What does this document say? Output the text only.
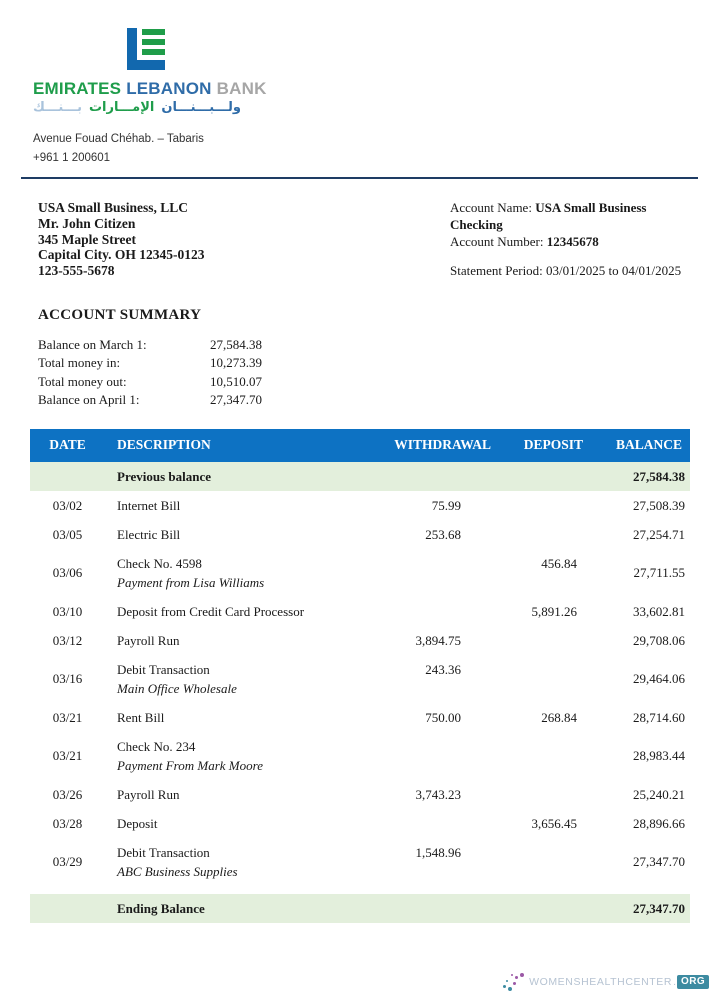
EMIRATES LEBANON BANK
بـــنـــك الإمـــارات ولـــبـــنـــان
Avenue Fouad Chéhab. – Tabaris
+961 1 200601
USA Small Business, LLC
Mr. John Citizen
345 Maple Street
Capital City. OH 12345-0123
123-555-5678
Account Name: USA Small Business Checking
Account Number: 12345678
Statement Period: 03/01/2025 to 04/01/2025
ACCOUNT SUMMARY
Balance on March 1:	27,584.38
Total money in:	10,273.39
Total money out:	10,510.07
Balance on April 1:	27,347.70
DATE	DESCRIPTION	WITHDRAWAL	DEPOSIT	BALANCE
	Previous balance			27,584.38
03/02	Internet Bill	75.99		27,508.39
03/05	Electric Bill	253.68		27,254.71
03/06	Check No. 4598
Payment from Lisa Williams		456.84	27,711.55
03/10	Deposit from Credit Card Processor		5,891.26	33,602.81
03/12	Payroll Run	3,894.75		29,708.06
03/16	Debit Transaction
Main Office Wholesale	243.36		29,464.06
03/21	Rent Bill	750.00	268.84	28,714.60
03/21	Check No. 234
Payment From Mark Moore			28,983.44
03/26	Payroll Run	3,743.23		25,240.21
03/28	Deposit		3,656.45	28,896.66
03/29	Debit Transaction
ABC Business Supplies	1,548.96		27,347.70

	Ending Balance			27,347.70
WOMENSHEALTHCENTER . ORG
